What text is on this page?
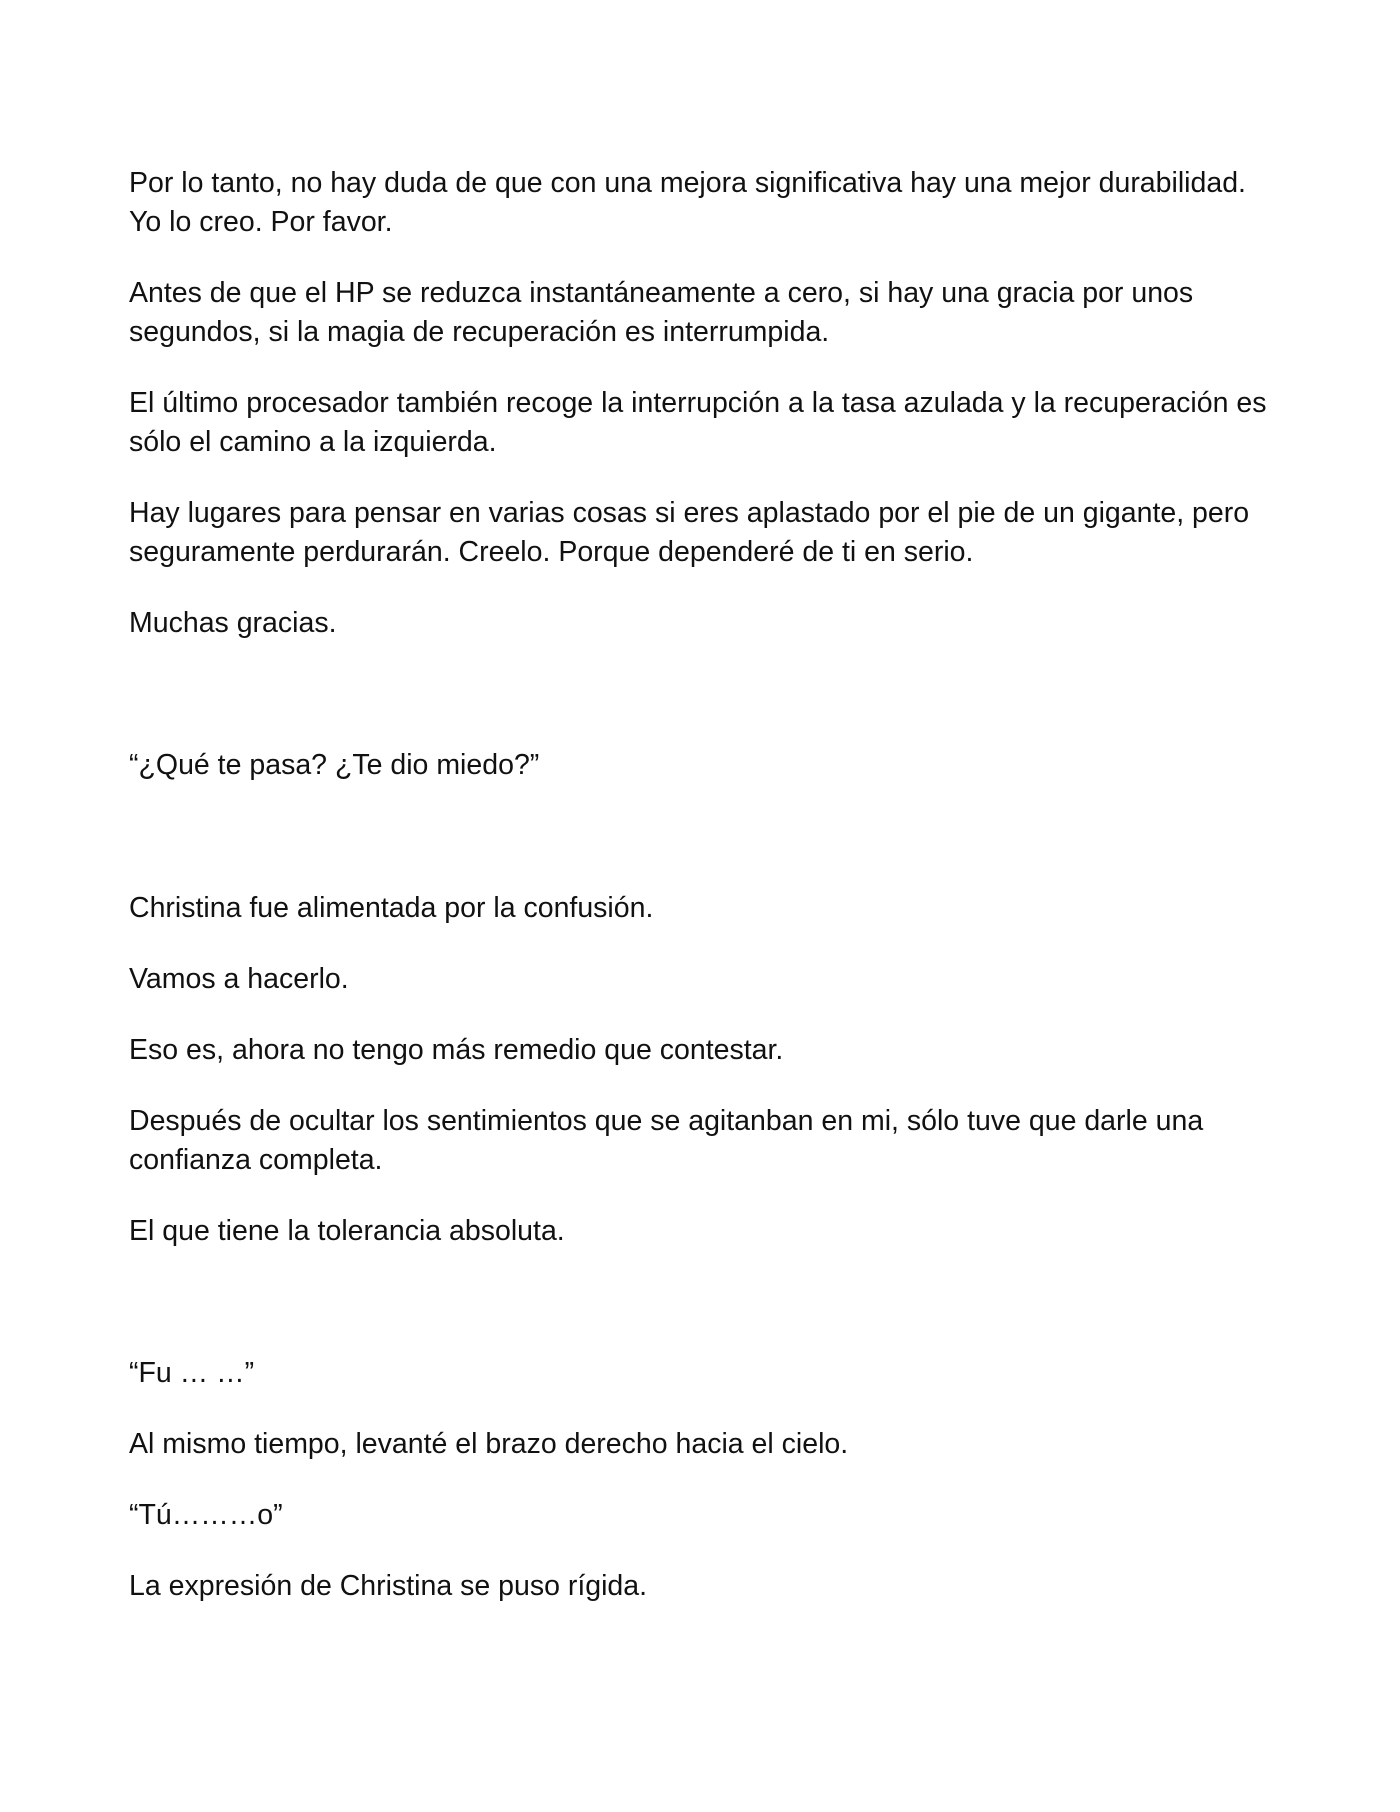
Por lo tanto, no hay duda de que con una mejora significativa hay una mejor durabilidad. Yo lo creo. Por favor.

Antes de que el HP se reduzca instantáneamente a cero, si hay una gracia por unos segundos, si la magia de recuperación es interrumpida.

El último procesador también recoge la interrupción a la tasa azulada y la recuperación es sólo el camino a la izquierda.

Hay lugares para pensar en varias cosas si eres aplastado por el pie de un gigante, pero seguramente perdurarán. Creelo. Porque dependeré de ti en serio.

Muchas gracias.

“¿Qué te pasa? ¿Te dio miedo?”

Christina fue alimentada por la confusión.

Vamos a hacerlo.

Eso es, ahora no tengo más remedio que contestar.

Después de ocultar los sentimientos que se agitanban en mi, sólo tuve que darle una confianza completa.

El que tiene la tolerancia absoluta.

“Fu … …”

Al mismo tiempo, levanté el brazo derecho hacia el cielo.

“Tú………o”

La expresión de Christina se puso rígida.
